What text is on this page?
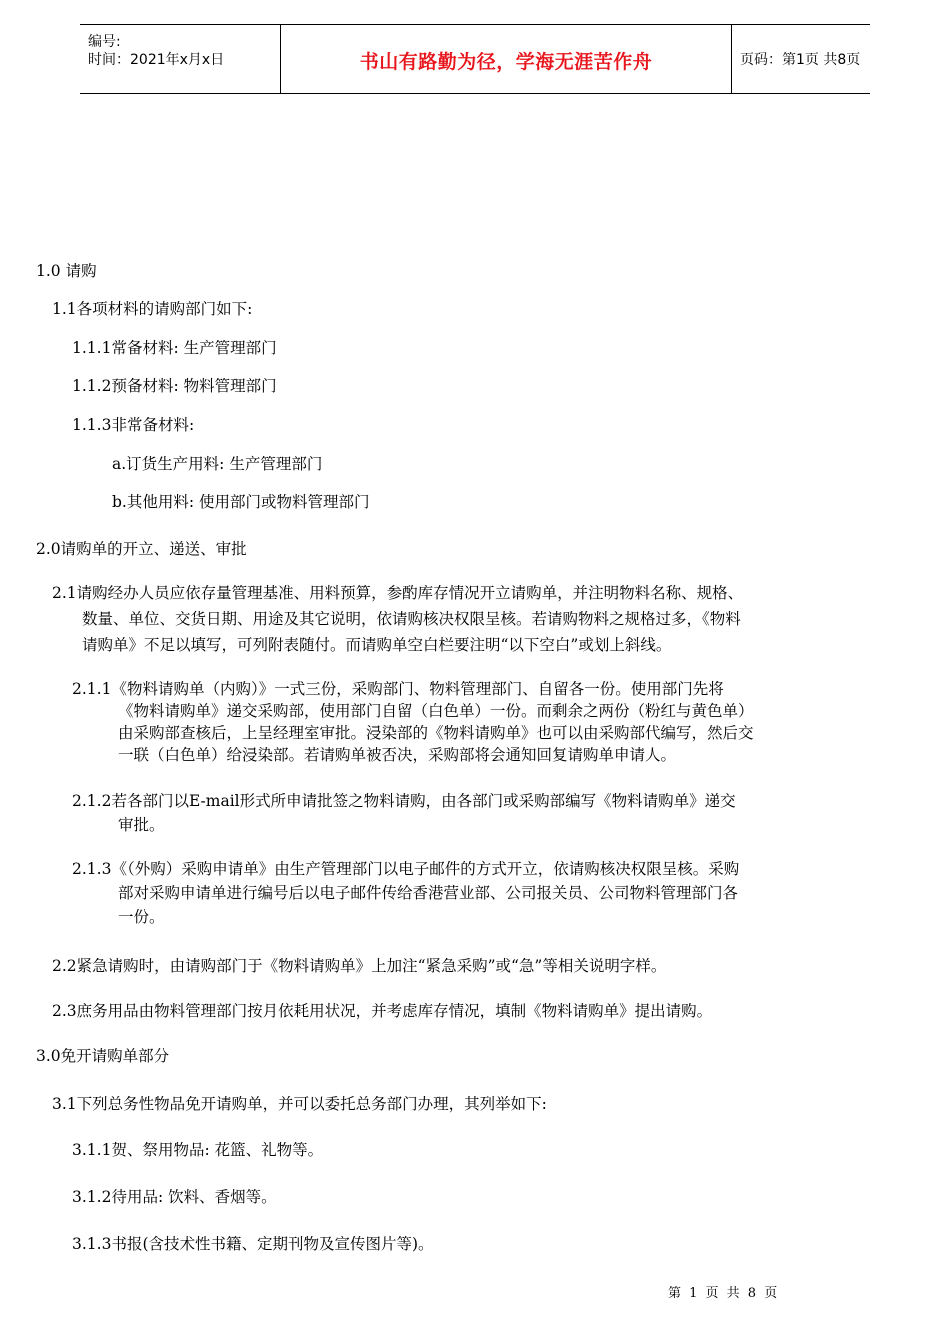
编号:
时间：2021年x月x日	书山有路勤为径，学海无涯苦作舟	页码：第1页 共8页
1.0 请购
1.1各项材料的请购部门如下:
1.1.1常备材料: 生产管理部门
1.1.2预备材料: 物料管理部门
1.1.3非常备材料:
a.订货生产用料: 生产管理部门
b.其他用料: 使用部门或物料管理部门
2.0请购单的开立、递送、审批
2.1请购经办人员应依存量管理基准、用料预算，参酌库存情况开立请购单，并注明物料名称、规格、
数量、单位、交货日期、用途及其它说明，依请购核决权限呈核。若请购物料之规格过多，《物料
请购单》不足以填写，可列附表随付。而请购单空白栏要注明“以下空白”或划上斜线。
2.1.1《物料请购单（内购）》一式三份，采购部门、物料管理部门、自留各一份。使用部门先将
《物料请购单》递交采购部，使用部门自留（白色单）一份。而剩余之两份（粉红与黄色单）
由采购部查核后，上呈经理室审批。浸染部的《物料请购单》也可以由采购部代编写，然后交
一联（白色单）给浸染部。若请购单被否决，采购部将会通知回复请购单申请人。
2.1.2若各部门以E-mail形式所申请批签之物料请购，由各部门或采购部编写《物料请购单》递交
审批。
2.1.3《（外购）采购申请单》由生产管理部门以电子邮件的方式开立，依请购核决权限呈核。采购
部对采购申请单进行编号后以电子邮件传给香港营业部、公司报关员、公司物料管理部门各
一份。
2.2紧急请购时，由请购部门于《物料请购单》上加注“紧急采购”或“急”等相关说明字样。
2.3庶务用品由物料管理部门按月依耗用状况，并考虑库存情况，填制《物料请购单》提出请购。
3.0免开请购单部分
3.1下列总务性物品免开请购单，并可以委托总务部门办理，其列举如下:
3.1.1贺、祭用物品: 花篮、礼物等。
3.1.2待用品: 饮料、香烟等。
3.1.3书报(含技术性书籍、定期刊物及宣传图片等)。
第 1 页 共 8 页
